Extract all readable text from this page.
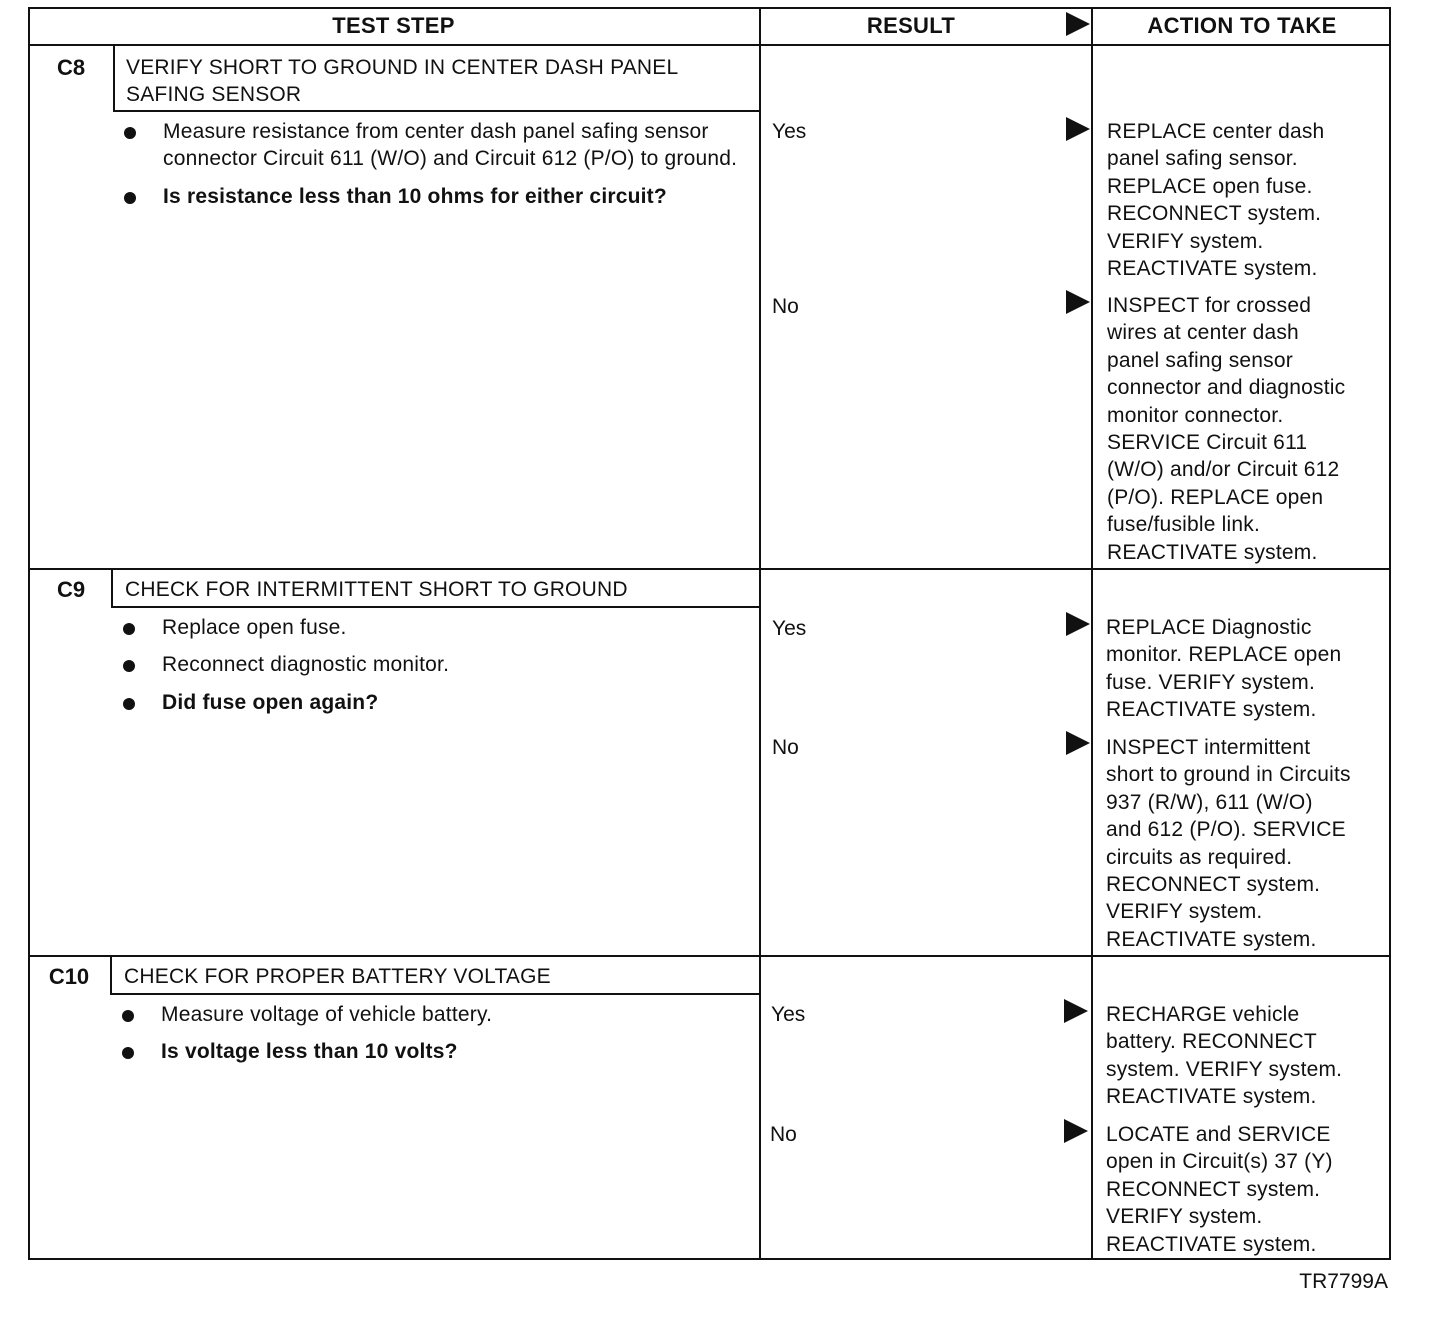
TEST STEP	RESULT	ACTION TO TAKE
C8	VERIFY SHORT TO GROUND IN CENTER DASH PANEL
SAFING SENSOR
Measure resistance from center dash panel safing sensor connector Circuit 611 (W/O) and Circuit 612 (P/O) to ground.
Is resistance less than 10 ohms for either circuit?
Yes	REPLACE center dash
panel safing sensor.
REPLACE open fuse.
RECONNECT system.
VERIFY system.
REACTIVATE system.
No	INSPECT for crossed
wires at center dash
panel safing sensor
connector and diagnostic
monitor connector.
SERVICE Circuit 611
(W/O) and/or Circuit 612
(P/O). REPLACE open
fuse/fusible link.
REACTIVATE system.
C9	CHECK FOR INTERMITTENT SHORT TO GROUND
Replace open fuse.
Reconnect diagnostic monitor.
Did fuse open again?
Yes	REPLACE Diagnostic
monitor. REPLACE open
fuse. VERIFY system.
REACTIVATE system.
No	INSPECT intermittent
short to ground in Circuits
937 (R/W), 611 (W/O)
and 612 (P/O). SERVICE
circuits as required.
RECONNECT system.
VERIFY system.
REACTIVATE system.
C10	CHECK FOR PROPER BATTERY VOLTAGE
Measure voltage of vehicle battery.
Is voltage less than 10 volts?
Yes	RECHARGE vehicle
battery. RECONNECT
system. VERIFY system.
REACTIVATE system.
No	LOCATE and SERVICE
open in Circuit(s) 37 (Y)
RECONNECT system.
VERIFY system.
REACTIVATE system.
TR7799A
